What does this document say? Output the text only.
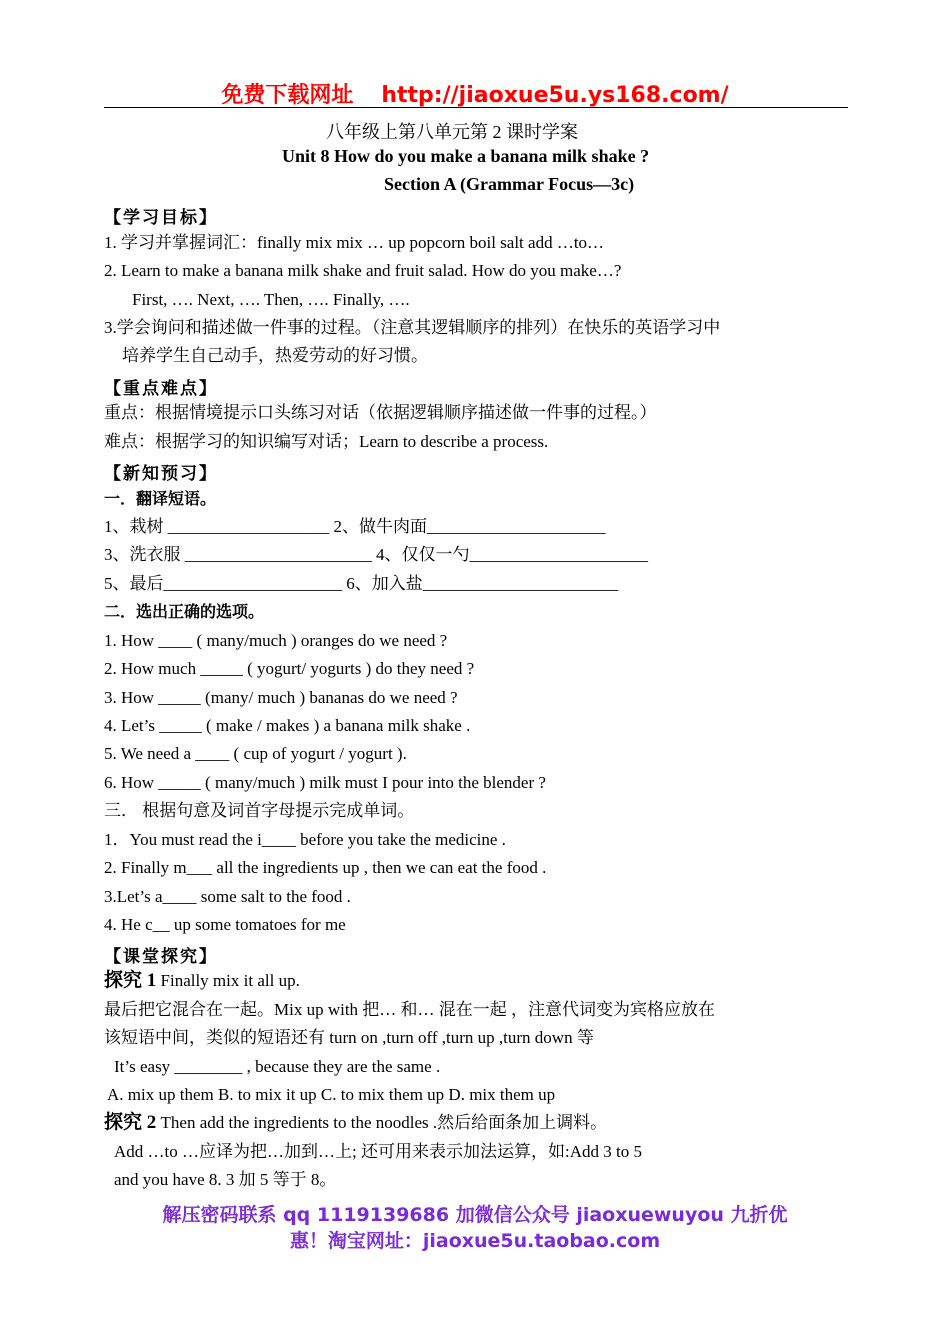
免费下载网址 http://jiaoxue5u.ys168.com/
八年级上第八单元第 2 课时学案
Unit 8 How do you make a banana milk shake ?
Section A (Grammar Focus—3c)
【学习目标】
1. 学习并掌握词汇：finally mix mix … up popcorn boil salt add …to…
2. Learn to make a banana milk shake and fruit salad. How do you make…?
First, …. Next, …. Then, …. Finally, ….
3.学会询问和描述做一件事的过程。（注意其逻辑顺序的排列）在快乐的英语学习中
培养学生自己动手，热爱劳动的好习惯。
【重点难点】
重点：根据情境提示口头练习对话（依据逻辑顺序描述做一件事的过程。）
难点：根据学习的知识编写对话；Learn to describe a process.
【新知预习】
一．翻译短语。
1、栽树 ___________________ 2、做牛肉面_____________________
3、洗衣服 ______________________ 4、仅仅一勺_____________________
5、最后_____________________ 6、加入盐_______________________
二．选出正确的选项。
1. How ____ ( many/much ) oranges do we need ?
2. How much _____ ( yogurt/ yogurts ) do they need ?
3. How _____ (many/ much ) bananas do we need ?
4. Let’s _____ ( make / makes ) a banana milk shake .
5. We need a ____ ( cup of yogurt / yogurt ).
6. How _____ ( many/much ) milk must I pour into the blender ?
三． 根据句意及词首字母提示完成单词。
1．You must read the i____ before you take the medicine .
2. Finally m___ all the ingredients up , then we can eat the food .
3.Let’s a____ some salt to the food .
4. He c__ up some tomatoes for me
【课堂探究】
探究 1 Finally mix it all up.
最后把它混合在一起。Mix up with 把… 和… 混在一起 ，注意代词变为宾格应放在
该短语中间，类似的短语还有 turn on ,turn off ,turn up ,turn down 等
It’s easy ________ , because they are the same .
A. mix up them B. to mix it up C. to mix them up D. mix them up
探究 2 Then add the ingredients to the noodles .然后给面条加上调料。
Add …to …应译为把…加到…上; 还可用来表示加法运算，如:Add 3 to 5
and you have 8. 3 加 5 等于 8。
解压密码联系 qq 1119139686 加微信公众号 jiaoxuewuyou 九折优
惠！淘宝网址：jiaoxue5u.taobao.com
